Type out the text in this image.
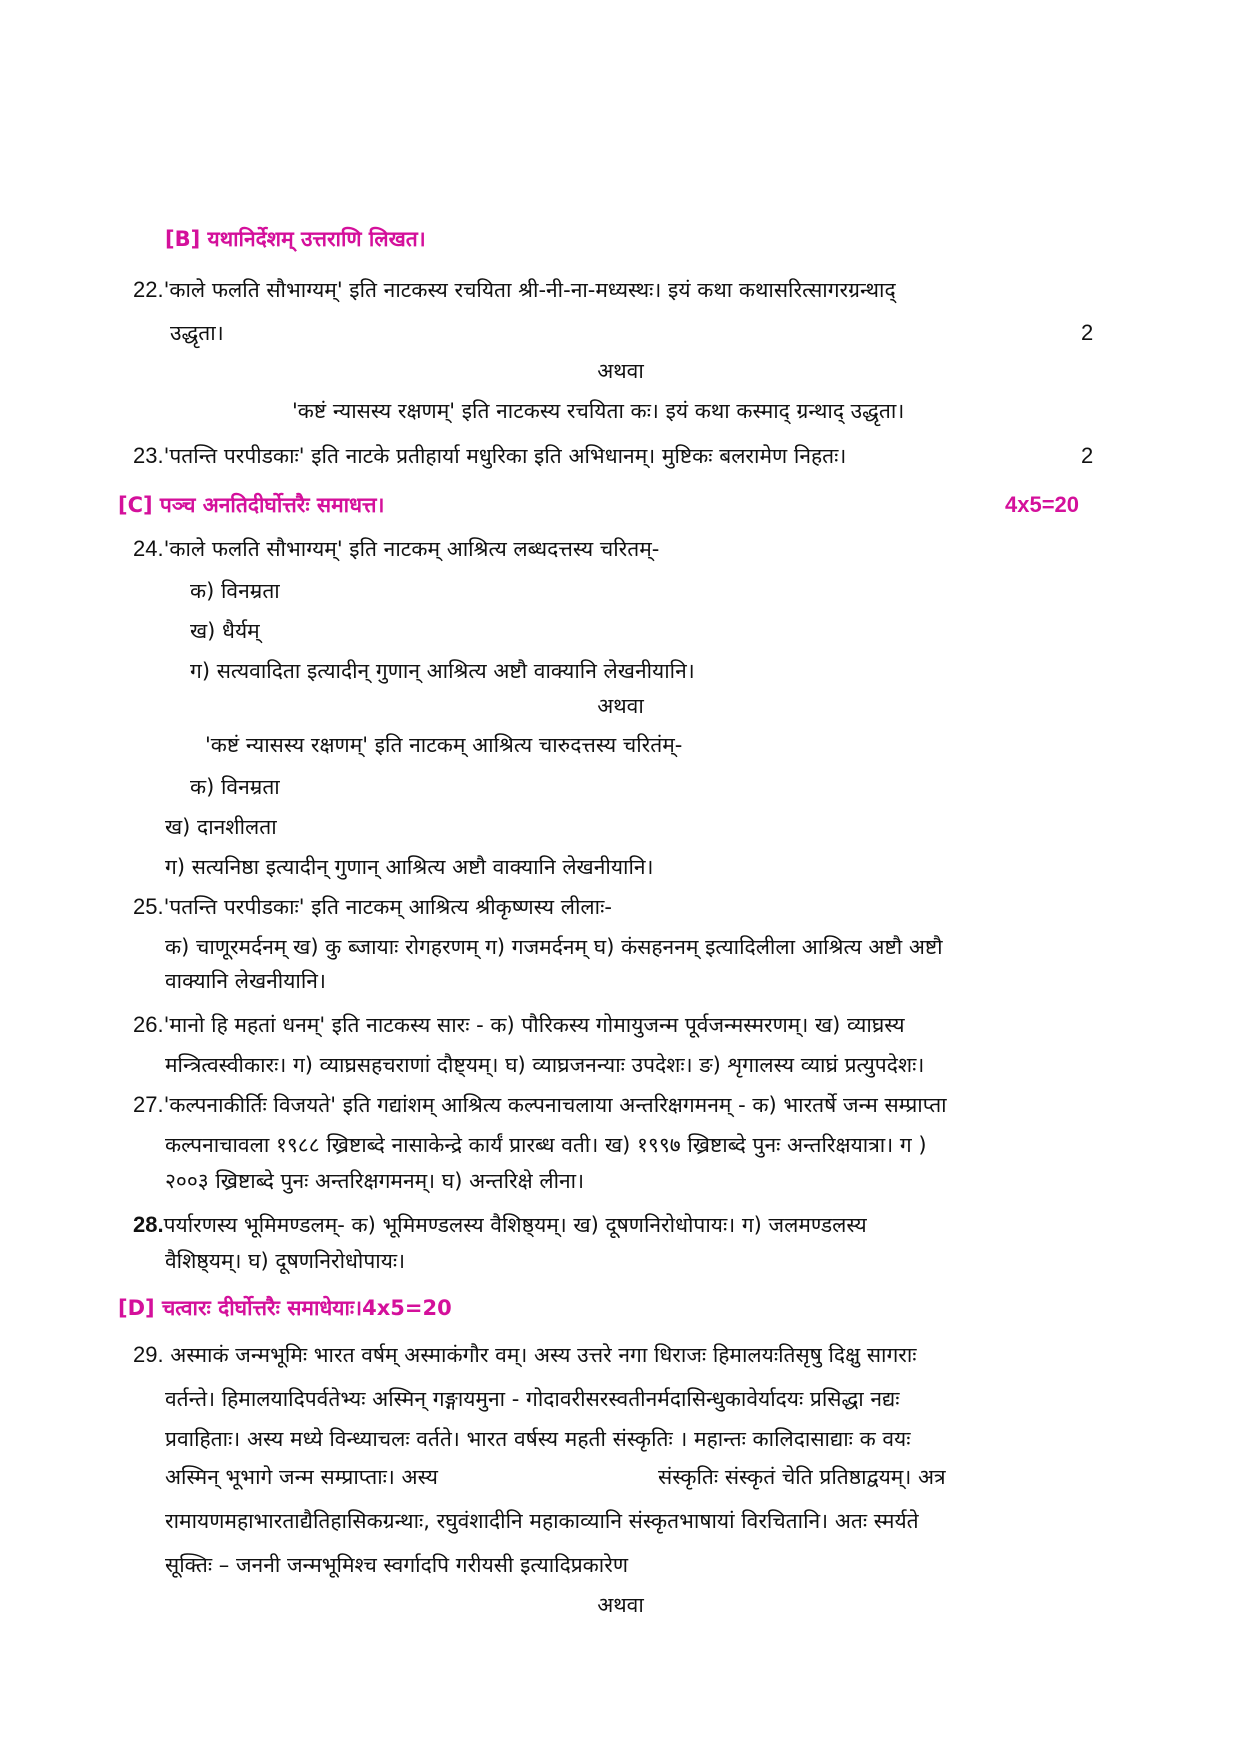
[B] यथानिर्देशम् उत्तराणि लिखत।
22.'काले फलति सौभाग्यम्' इति नाटकस्य रचयिता श्री-नी-ना-मध्यस्थः। इयं कथा कथासरित्सागरग्रन्थाद्
उद्धृता।	2
अथवा
'कष्टं न्यासस्य रक्षणम्' इति नाटकस्य रचयिता कः। इयं कथा कस्माद् ग्रन्थाद् उद्धृता।
23.'पतन्ति परपीडकाः' इति नाटके प्रतीहार्या मधुरिका इति अभिधानम्। मुष्टिकः बलरामेण निहतः।	2
[C] पञ्च अनतिदीर्घोत्तरैः समाधत्त।	4x5=20
24.'काले फलति सौभाग्यम्' इति नाटकम् आश्रित्य लब्धदत्तस्य चरितम्-
क) विनम्रता
ख) धैर्यम्
ग) सत्यवादिता इत्यादीन् गुणान् आश्रित्य अष्टौ वाक्यानि लेखनीयानि।
अथवा
'कष्टं न्यासस्य रक्षणम्' इति नाटकम् आश्रित्य चारुदत्तस्य चरितंम्-
क) विनम्रता
ख) दानशीलता
ग) सत्यनिष्ठा इत्यादीन् गुणान् आश्रित्य अष्टौ वाक्यानि लेखनीयानि।
25.'पतन्ति परपीडकाः' इति नाटकम् आश्रित्य श्रीकृष्णस्य लीलाः-
क) चाणूरमर्दनम् ख) कु ब्जायाः रोगहरणम् ग) गजमर्दनम् घ) कंसहननम् इत्यादिलीला आश्रित्य अष्टौ अष्टौ
वाक्यानि लेखनीयानि।
26.'मानो हि महतां धनम्' इति नाटकस्य सारः - क) पौरिकस्य गोमायुजन्म पूर्वजन्मस्मरणम्। ख) व्याघ्रस्य
मन्त्रित्वस्वीकारः। ग) व्याघ्रसहचराणां दौष्ट्यम्। घ) व्याघ्रजनन्याः उपदेशः। ङ) शृगालस्य व्याघ्रं प्रत्युपदेशः।
27.'कल्पनाकीर्तिः विजयते' इति गद्यांशम् आश्रित्य कल्पनाचलाया अन्तरिक्षगमनम् - क) भारतर्षे जन्म सम्प्राप्ता
कल्पनाचावला १९८८ ख्रिष्टाब्दे नासाकेन्द्रे कार्यं प्रारब्ध वती। ख) १९९७ ख्रिष्टाब्दे पुनः अन्तरिक्षयात्रा। ग )
२००३ ख्रिष्टाब्दे पुनः अन्तरिक्षगमनम्। घ) अन्तरिक्षे लीना।
28.पर्यारणस्य भूमिमण्डलम्- क) भूमिमण्डलस्य वैशिष्ठ्यम्। ख) दूषणनिरोधोपायः। ग) जलमण्डलस्य
वैशिष्ठ्यम्। घ) दूषणनिरोधोपायः।
[D] चत्वारः दीर्घोत्तरैः समाधेयाः।4x5=20
29. अस्माकं जन्मभूमिः भारत वर्षम् अस्माकंगौर वम्। अस्य उत्तरे नगा धिराजः हिमालयःतिसृषु दिक्षु सागराः
वर्तन्ते। हिमालयादिपर्वतेभ्यः अस्मिन् गङ्गायमुना - गोदावरीसरस्वतीनर्मदासिन्धुकावेर्यादयः प्रसिद्धा नद्यः
प्रवाहिताः। अस्य मध्ये विन्ध्याचलः वर्तते। भारत वर्षस्य महती संस्कृतिः । महान्तः कालिदासाद्याः क वयः
अस्मिन् भूभागे जन्म सम्प्राप्ताः। अस्य	संस्कृतिः संस्कृतं चेति प्रतिष्ठाद्वयम्। अत्र
रामायणमहाभारताद्यैतिहासिकग्रन्थाः, रघुवंशादीनि महाकाव्यानि संस्कृतभाषायां विरचितानि। अतः स्मर्यते
सूक्तिः – जननी जन्मभूमिश्च स्वर्गादपि गरीयसी इत्यादिप्रकारेण
अथवा
